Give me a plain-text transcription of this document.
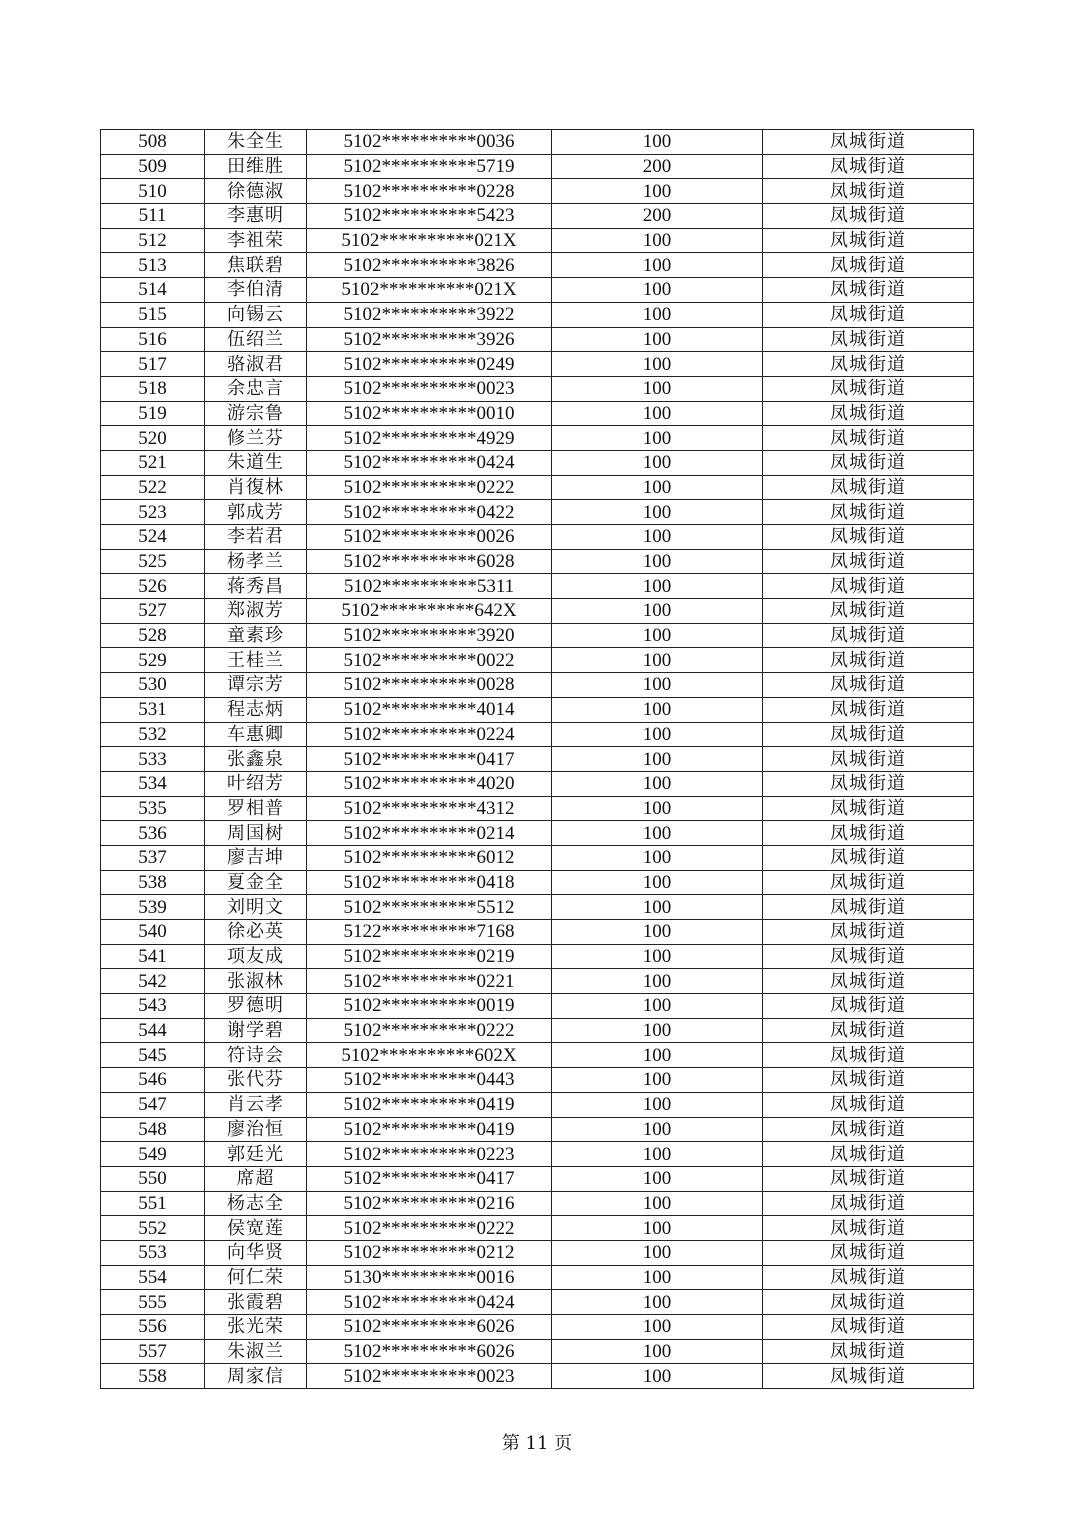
508	朱全生	5102**********0036	100	凤城街道
509	田维胜	5102**********5719	200	凤城街道
510	徐德淑	5102**********0228	100	凤城街道
511	李惠明	5102**********5423	200	凤城街道
512	李祖荣	5102**********021X	100	凤城街道
513	焦联碧	5102**********3826	100	凤城街道
514	李伯清	5102**********021X	100	凤城街道
515	向锡云	5102**********3922	100	凤城街道
516	伍绍兰	5102**********3926	100	凤城街道
517	骆淑君	5102**********0249	100	凤城街道
518	余忠言	5102**********0023	100	凤城街道
519	游宗鲁	5102**********0010	100	凤城街道
520	修兰芬	5102**********4929	100	凤城街道
521	朱道生	5102**********0424	100	凤城街道
522	肖復林	5102**********0222	100	凤城街道
523	郭成芳	5102**********0422	100	凤城街道
524	李若君	5102**********0026	100	凤城街道
525	杨孝兰	5102**********6028	100	凤城街道
526	蒋秀昌	5102**********5311	100	凤城街道
527	郑淑芳	5102**********642X	100	凤城街道
528	童素珍	5102**********3920	100	凤城街道
529	王桂兰	5102**********0022	100	凤城街道
530	谭宗芳	5102**********0028	100	凤城街道
531	程志炳	5102**********4014	100	凤城街道
532	车惠卿	5102**********0224	100	凤城街道
533	张鑫泉	5102**********0417	100	凤城街道
534	叶绍芳	5102**********4020	100	凤城街道
535	罗相普	5102**********4312	100	凤城街道
536	周国树	5102**********0214	100	凤城街道
537	廖吉坤	5102**********6012	100	凤城街道
538	夏金全	5102**********0418	100	凤城街道
539	刘明文	5102**********5512	100	凤城街道
540	徐必英	5122**********7168	100	凤城街道
541	项友成	5102**********0219	100	凤城街道
542	张淑林	5102**********0221	100	凤城街道
543	罗德明	5102**********0019	100	凤城街道
544	谢学碧	5102**********0222	100	凤城街道
545	符诗会	5102**********602X	100	凤城街道
546	张代芬	5102**********0443	100	凤城街道
547	肖云孝	5102**********0419	100	凤城街道
548	廖治恒	5102**********0419	100	凤城街道
549	郭廷光	5102**********0223	100	凤城街道
550	席超	5102**********0417	100	凤城街道
551	杨志全	5102**********0216	100	凤城街道
552	侯宽莲	5102**********0222	100	凤城街道
553	向华贤	5102**********0212	100	凤城街道
554	何仁荣	5130**********0016	100	凤城街道
555	张霞碧	5102**********0424	100	凤城街道
556	张光荣	5102**********6026	100	凤城街道
557	朱淑兰	5102**********6026	100	凤城街道
558	周家信	5102**********0023	100	凤城街道
第 11 页
